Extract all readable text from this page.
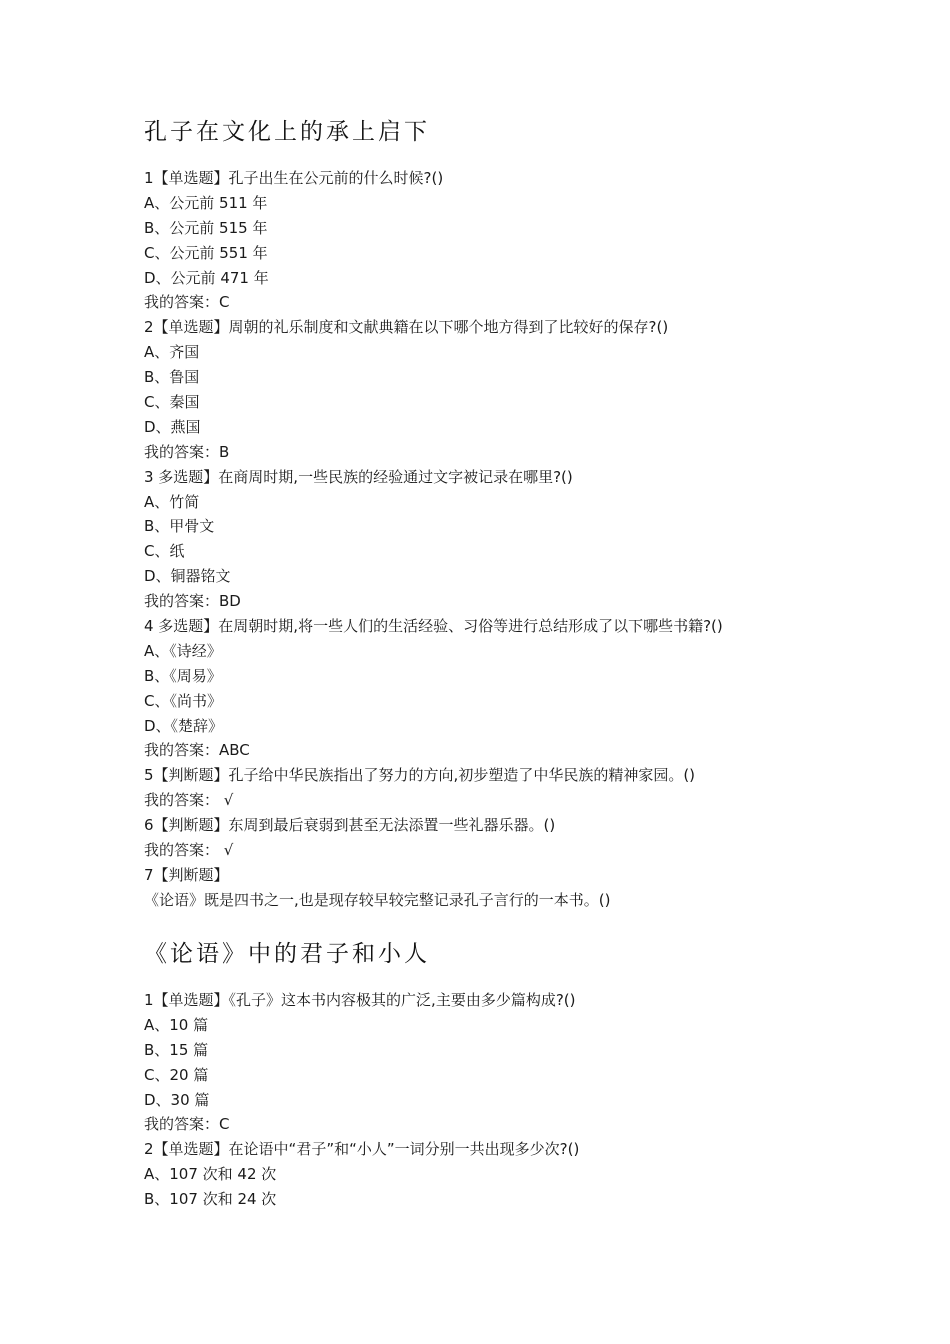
孔子在文化上的承上启下
1【单选题】孔子出生在公元前的什么时候?()
A、公元前 511 年
B、公元前 515 年
C、公元前 551 年
D、公元前 471 年
我的答案：C
2【单选题】周朝的礼乐制度和文献典籍在以下哪个地方得到了比较好的保存?()
A、齐国
B、鲁国
C、秦国
D、燕国
我的答案：B
3 多选题】在商周时期,一些民族的经验通过文字被记录在哪里?()
A、竹简
B、甲骨文
C、纸
D、铜器铭文
我的答案：BD
4 多选题】在周朝时期,将一些人们的生活经验、习俗等进行总结形成了以下哪些书籍?()
A、《诗经》
B、《周易》
C、《尚书》
D、《楚辞》
我的答案：ABC
5【判断题】孔子给中华民族指出了努力的方向,初步塑造了中华民族的精神家园。()
我的答案： √
6【判断题】东周到最后衰弱到甚至无法添置一些礼器乐器。()
我的答案： √
7【判断题】
《论语》既是四书之一,也是现存较早较完整记录孔子言行的一本书。()
《论语》中的君子和小人
1【单选题】《孔子》这本书内容极其的广泛,主要由多少篇构成?()
A、10 篇
B、15 篇
C、20 篇
D、30 篇
我的答案：C
2【单选题】在论语中“君子”和“小人”一词分别一共出现多少次?()
A、107 次和 42 次
B、107 次和 24 次
